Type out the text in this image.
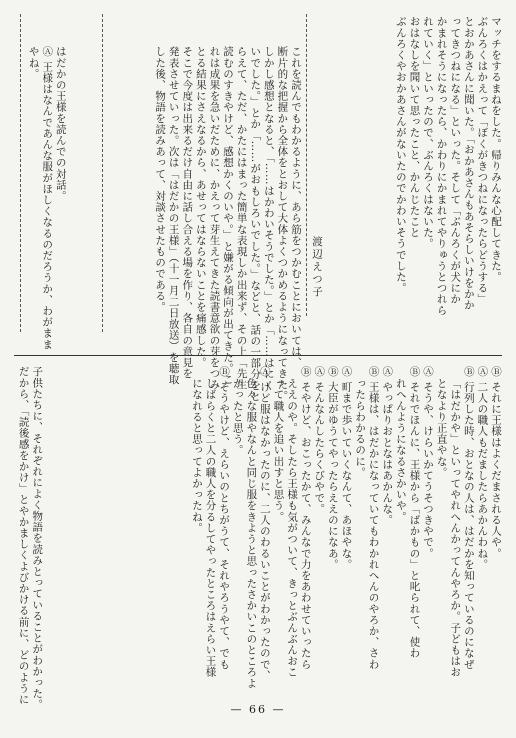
マッチをするまねをした。帰りみんな心配してきた。
ぶんろくはかえって「ぼくがきつねになったらどうする」
とおかあさんに聞いた。「おかあさんもあそらしいけをかか
ってきつねになる」といった。そして「ぶんろくが犬にか
かまれそうになったら、かわりにかまれてやりゅうとつれら
れていく」といったので、ぶんろくはないた。
おはなしを聞いて思ったこと、かんじたこと
ぶんろくやおかあさんがないたのでかわいそうでした。
渡辺えつ子
これを読んでもわかるように、あら筋をつかむことにおいては、
断片的な把握から全体をとおして大体よくつかめるようになってきた。
しかし感想となると、「……はかわいそうでした。」とか「……はにく
いでした。」とか「……がおもしろいでした。」などと、話の一部分をと
らえて、ただ、かたにはまった簡単な表現しか出来ず、その上「先生
読むのすきやけど、感想かくのいや。」と嫌がる傾向が出てきた。こ
れは成果を急いだために、かえって芽生えてきた読書意欲の芽をつみ
とる結果にさえなるから、あせってはならないことを痛感した。
そこで今度は出来るだけ自由に話し合える場を作り、各自の意見を
発表させていった。次は「はだかの王様」（十一月二日放送）を聴取
した後、物語を読みあって、対談させたものである。
はだかの王様を読んでの対話。
Ⓐ 王様はなんであんな服がほしくなるのだろうか、わがまま
やね。
Ⓑ それに王様はよくだまされる人や。
Ⓐ 二人の職人もだましたらあかんわね。
Ⓑ 行列した時、おとなの人は、はだかを知っているのになぜ
「はだかや」といってやれへんかってんやろか。子どもはお
となより正直やな。
Ⓐ そうや、けらいかてうそつきやで。
Ⓑ それでほんに、王様から「ばかもの」と叱られて、使わ
れへんようになるさかいや。
Ⓐ やっぱりおとなはあかんな。
Ⓑ 王様は、はだかになっていてもわかれへんのやろか、さわ
ったらわかるのに。
Ⓐ 町まで歩いていくなんて、あほやな。
Ⓑ 大臣がゆうてやったらええのになあ。
Ⓐ そんなんしたらくびやで。
Ⓑ そやけど、おこったかて、みんなで力をあわせていったら
ええのや。そしたら王様も気がついて、きっとぶんぶんおこ
って職人を追い出すと思う。
Ⓐ けど服はなかったのに、二人のわるいことがわかったので、
色々な服やなんと同じ服をきようと思ったさかいこのところよ
かったと思う。
Ⓑ そうやけど、えらいのとちがうて、それやろうやて、でも
しばらくと二人の職人を分るしてやったところはえらい王様
になれると思ってよかったね。
子供たちに、それぞれによく物語を読みとっていることがわかった。
だから、「読後感をかけ」とやかましくよびかける前に、どのように
— 66 —
